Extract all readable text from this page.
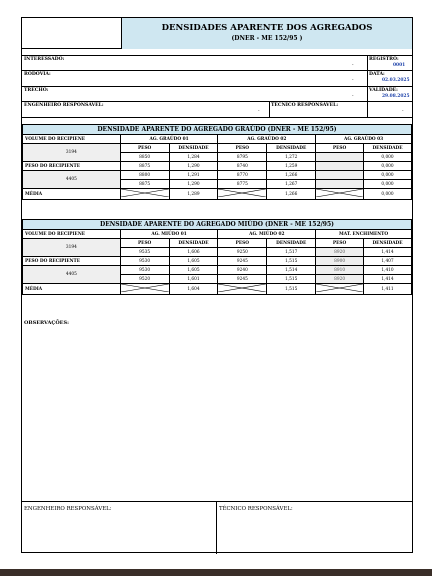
DENSIDADES APARENTE DOS AGREGADOS
(DNER - ME 152/95 )
INTERESSADO:
-
REGISTRO:
0001
RODOVIA:
-
DATA:
02.03.2025
TRECHO:
-
VALIDADE:
29.08.2025
ENGENHEIRO RESPONSÁVEL:
-
TÉCNICO RESPONSÁVEL:
-
DENSIDADE APARENTE DO AGREGADO GRAÚDO (DNER - ME 152/95)						
VOLUME DO RECIPIENE	AG. GRAÚDO 01		AG. GRAÚDO 02		AG. GRAÚDO 03	
3194	PESO	DENSIDADE	PESO	DENSIDADE	PESO	DENSIDADE
	8850	1,284	8795	1,272		0,000
PESO DO RECIPIENTE	8875	1,290	8740	1,259		0,000
4405	8800	1,291	8770	1,266		0,000
	8875	1,290	8775	1,267		0,000
MÉDIA		1,289		1,266		0,000
DENSIDADE APARENTE DO AGREGADO MIÚDO (DNER - ME 152/95)						
VOLUME DO RECIPIENE	AG. MIÚDO 01		AG. MIÚDO 02		MAT. ENCHIMENTO	
3194	PESO	DENSIDADE	PESO	DENSIDADE	PESO	DENSIDADE
	9535	1,606	9250	1,517	8920	1,414
PESO DO RECIPIENTE	9530	1,605	9245	1,515	8900	1,407
4405	9530	1,605	9240	1,514	8910	1,410
	9520	1,601	9245	1,515	8920	1,414
MÉDIA		1,604		1,515		1,411
OBSERVAÇÕES:
ENGENHEIRO RESPONSÁVEL:	TÉCNICO RESPONSÁVEL:
